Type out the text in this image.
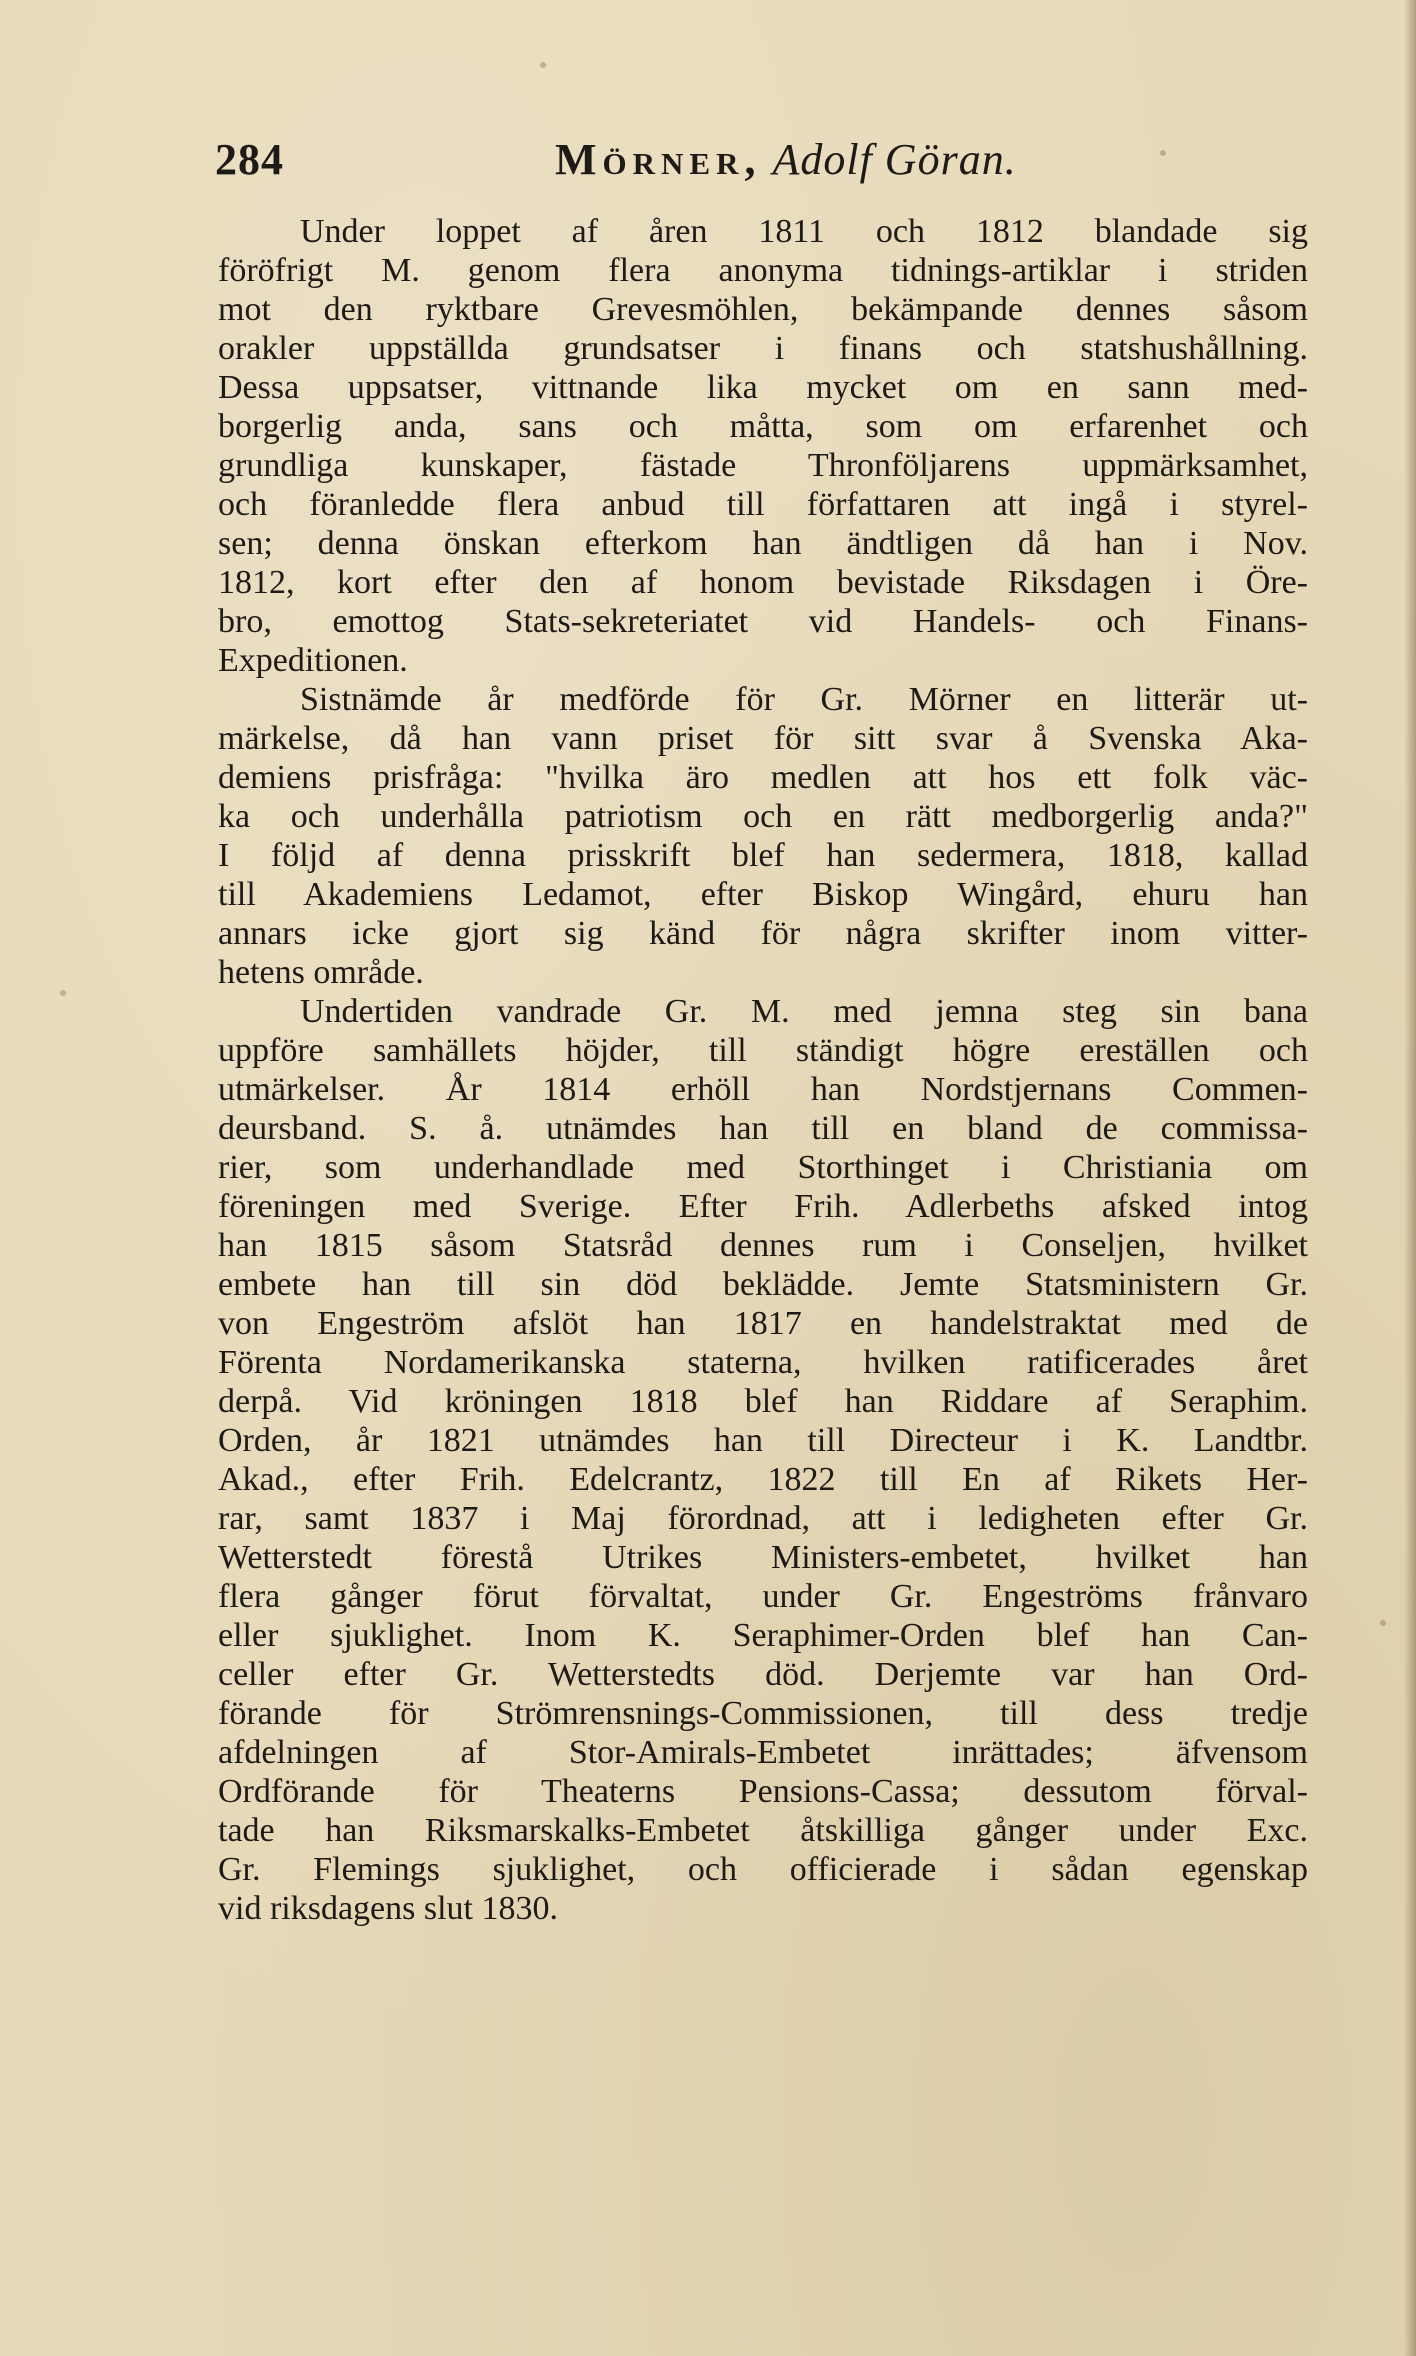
284	Mörner, Adolf Göran.
Under loppet af åren 1811 och 1812 blandade sig
föröfrigt M. genom flera anonyma tidnings-artiklar i striden
mot den ryktbare Grevesmöhlen, bekämpande dennes såsom
orakler uppställda grundsatser i finans och statshushållning.
Dessa uppsatser, vittnande lika mycket om en sann med-
borgerlig anda, sans och måtta, som om erfarenhet och
grundliga kunskaper, fästade Thronföljarens uppmärksamhet,
och föranledde flera anbud till författaren att ingå i styrel-
sen; denna önskan efterkom han ändtligen då han i Nov.
1812, kort efter den af honom bevistade Riksdagen i Öre-
bro, emottog Stats-sekreteriatet vid Handels- och Finans-
Expeditionen.
Sistnämde år medförde för Gr. Mörner en litterär ut-
märkelse, då han vann priset för sitt svar å Svenska Aka-
demiens prisfråga: "hvilka äro medlen att hos ett folk väc-
ka och underhålla patriotism och en rätt medborgerlig anda?"
I följd af denna prisskrift blef han sedermera, 1818, kallad
till Akademiens Ledamot, efter Biskop Wingård, ehuru han
annars icke gjort sig känd för några skrifter inom vitter-
hetens område.
Undertiden vandrade Gr. M. med jemna steg sin bana
uppföre samhällets höjder, till ständigt högre ereställen och
utmärkelser. År 1814 erhöll han Nordstjernans Commen-
deursband. S. å. utnämdes han till en bland de commissa-
rier, som underhandlade med Storthinget i Christiania om
föreningen med Sverige. Efter Frih. Adlerbeths afsked intog
han 1815 såsom Statsråd dennes rum i Conseljen, hvilket
embete han till sin död beklädde. Jemte Statsministern Gr.
von Engeström afslöt han 1817 en handelstraktat med de
Förenta Nordamerikanska staterna, hvilken ratificerades året
derpå. Vid kröningen 1818 blef han Riddare af Seraphim.
Orden, år 1821 utnämdes han till Directeur i K. Landtbr.
Akad., efter Frih. Edelcrantz, 1822 till En af Rikets Her-
rar, samt 1837 i Maj förordnad, att i ledigheten efter Gr.
Wetterstedt förestå Utrikes Ministers-embetet, hvilket han
flera gånger förut förvaltat, under Gr. Engeströms frånvaro
eller sjuklighet. Inom K. Seraphimer-Orden blef han Can-
celler efter Gr. Wetterstedts död. Derjemte var han Ord-
förande för Strömrensnings-Commissionen, till dess tredje
afdelningen af Stor-Amirals-Embetet inrättades; äfvensom
Ordförande för Theaterns Pensions-Cassa; dessutom förval-
tade han Riksmarskalks-Embetet åtskilliga gånger under Exc.
Gr. Flemings sjuklighet, och officierade i sådan egenskap
vid riksdagens slut 1830.
